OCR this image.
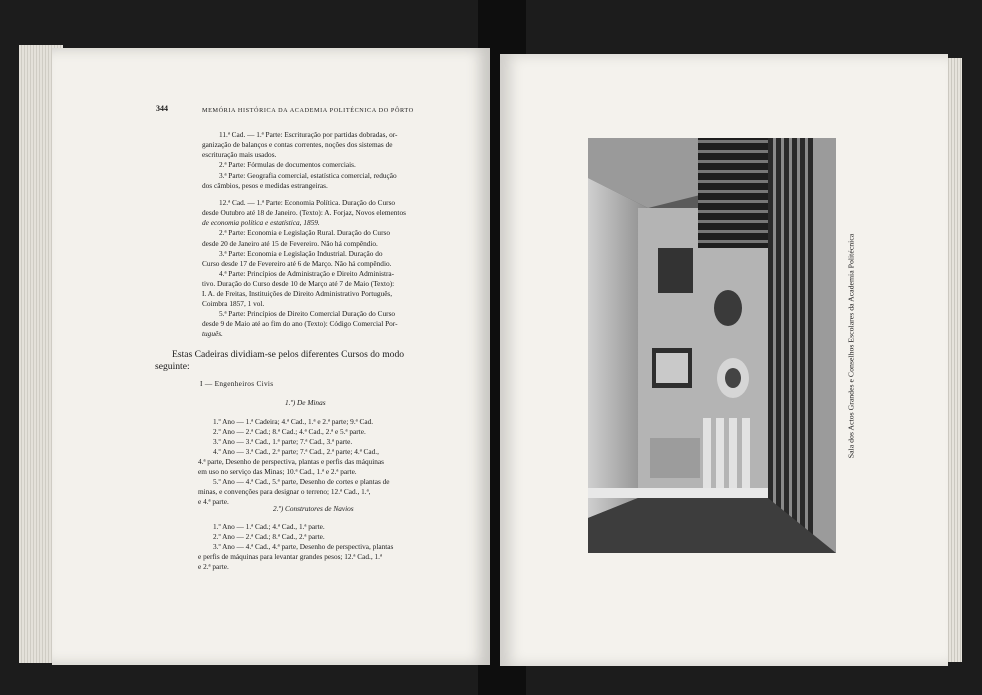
344	MEMÓRIA HISTÓRICA DA ACADEMIA POLITÉCNICA DO PÔRTO
11.ª Cad. — 1.ª Parte: Escrituração por partidas dobradas, or-
ganização de balanços e contas correntes, noções dos sistemas de
escrituração mais usados.
2.ª Parte: Fórmulas de documentos comerciais.
3.ª Parte: Geografia comercial, estatística comercial, redução
dos câmbios, pesos e medidas estrangeiras.
12.ª Cad. — 1.ª Parte: Economia Política. Duração do Curso
desde Outubro até 18 de Janeiro. (Texto): A. Forjaz, Novos elementos
de economia política e estatística, 1859.
2.ª Parte: Economia e Legislação Rural. Duração do Curso
desde 20 de Janeiro até 15 de Fevereiro. Não há compêndio.
3.ª Parte: Economia e Legislação Industrial. Duração do
Curso desde 17 de Fevereiro até 6 de Março. Não há compêndio.
4.ª Parte: Princípios de Administração e Direito Administra-
tivo. Duração do Curso desde 10 de Março até 7 de Maio (Texto):
I. A. de Freitas, Instituições de Direito Administrativo Português,
Coimbra 1857, 1 vol.
5.ª Parte: Princípios de Direito Comercial Duração do Curso
desde 9 de Maio até ao fim do ano (Texto): Código Comercial Por-
tuguês.
Estas Cadeiras dividiam-se pelos diferentes Cursos do modo
seguinte:
I — Engenheiros Civis
1.º) De Minas
1.º Ano — 1.ª Cadeira; 4.ª Cad., 1.ª e 2.ª parte; 9.ª Cad.
2.º Ano — 2.ª Cad.; 8.ª Cad.; 4.ª Cad., 2.ª e 5.ª parte.
3.º Ano — 3.ª Cad., 1.ª parte; 7.ª Cad., 3.ª parte.
4.º Ano — 3.ª Cad., 2.ª parte; 7.ª Cad., 2.ª parte; 4.ª Cad.,
4.ª parte, Desenho de perspectiva, plantas e perfis das máquinas
em uso no serviço das Minas; 10.ª Cad., 1.ª e 2.ª parte.
5.º Ano — 4.ª Cad., 5.ª parte, Desenho de cortes e plantas de
minas, e convenções para designar o terreno; 12.ª Cad., 1.ª,
e 4.ª parte.
2.º) Construtores de Navios
1.º Ano — 1.ª Cad.; 4.ª Cad., 1.ª parte.
2.º Ano — 2.ª Cad.; 8.ª Cad., 2.ª parte.
3.º Ano — 4.ª Cad., 4.ª parte, Desenho de perspectiva, plantas
e perfis de máquinas para levantar grandes pesos; 12.ª Cad., 1.ª
e 2.ª parte.
Sala dos Actos Grandes e Conselhos Escolares da Academia Politécnica
